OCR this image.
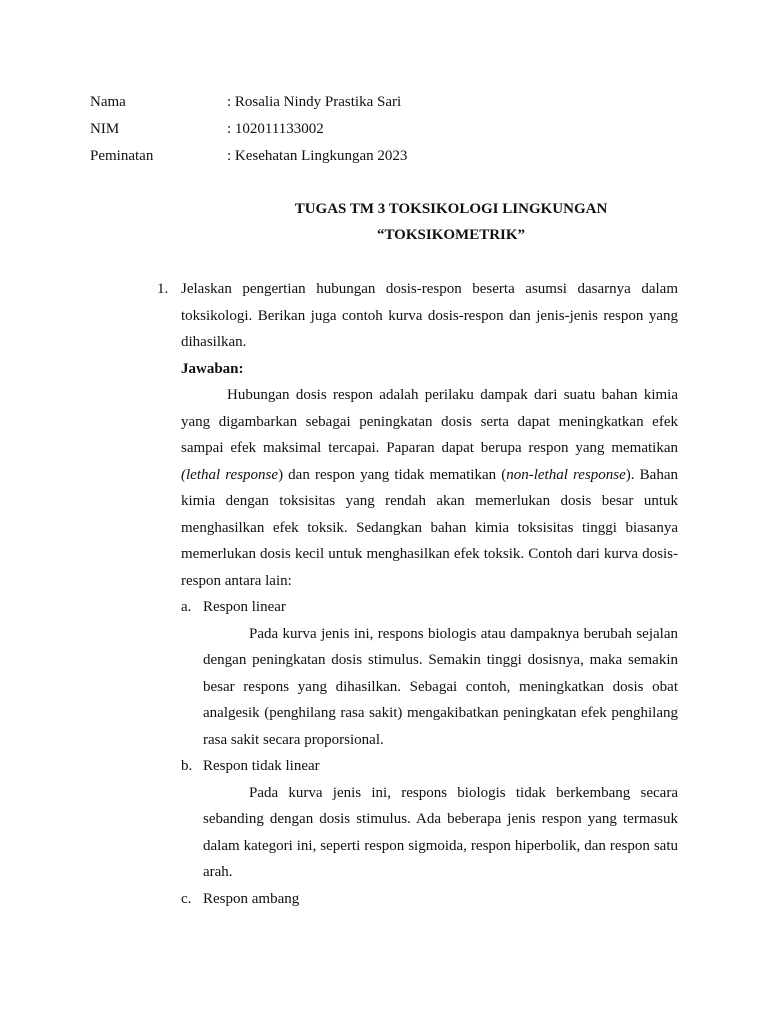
Nama	: Rosalia Nindy Prastika Sari
NIM	: 102011133002
Peminatan	: Kesehatan Lingkungan 2023
TUGAS TM 3 TOKSIKOLOGI LINGKUNGAN
“TOKSIKOMETRIK”
1. Jelaskan pengertian hubungan dosis-respon beserta asumsi dasarnya dalam toksikologi. Berikan juga contoh kurva dosis-respon dan jenis-jenis respon yang dihasilkan.

Jawaban:

Hubungan dosis respon adalah perilaku dampak dari suatu bahan kimia yang digambarkan sebagai peningkatan dosis serta dapat meningkatkan efek sampai efek maksimal tercapai. Paparan dapat berupa respon yang mematikan (lethal response) dan respon yang tidak mematikan (non-lethal response). Bahan kimia dengan toksisitas yang rendah akan memerlukan dosis besar untuk menghasilkan efek toksik. Sedangkan bahan kimia toksisitas tinggi biasanya memerlukan dosis kecil untuk menghasilkan efek toksik. Contoh dari kurva dosis-respon antara lain:

a. Respon linear

Pada kurva jenis ini, respons biologis atau dampaknya berubah sejalan dengan peningkatan dosis stimulus. Semakin tinggi dosisnya, maka semakin besar respons yang dihasilkan. Sebagai contoh, meningkatkan dosis obat analgesik (penghilang rasa sakit) mengakibatkan peningkatan efek penghilang rasa sakit secara proporsional.

b. Respon tidak linear

Pada kurva jenis ini, respons biologis tidak berkembang secara sebanding dengan dosis stimulus. Ada beberapa jenis respon yang termasuk dalam kategori ini, seperti respon sigmoida, respon hiperbolik, dan respon satu arah.

c. Respon ambang
